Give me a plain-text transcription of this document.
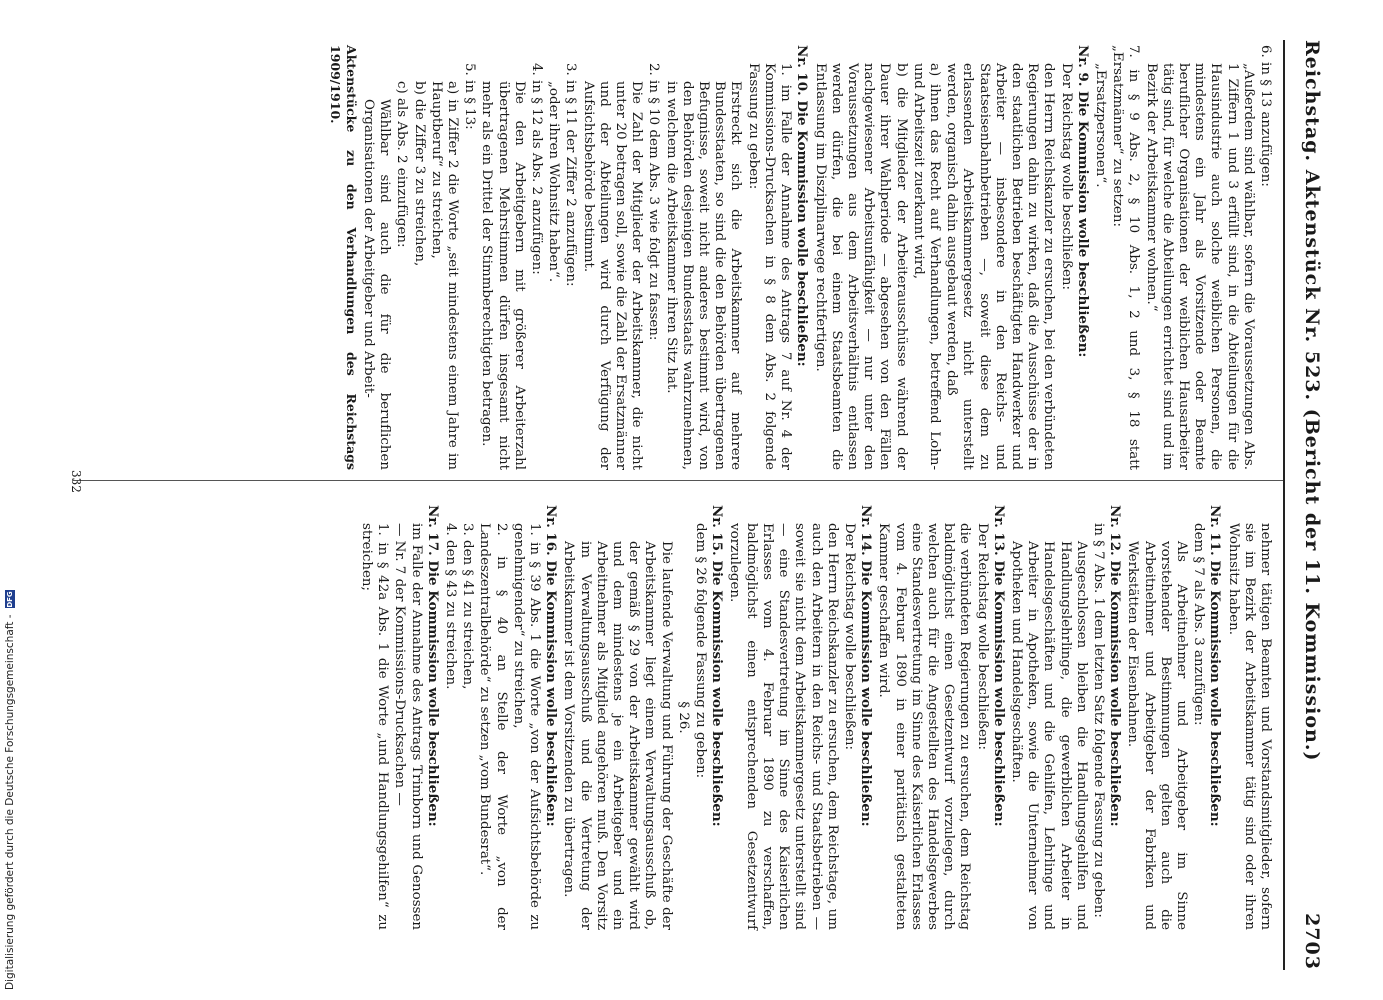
Reichstag. Aktenstück Nr. 523. (Bericht der 11. Kommission.)
2703

6. in § 13 anzufügen:

„Außerdem sind wählbar, sofern die Voraussetzungen Abs. 1 Ziffern 1 und 3 erfüllt sind, in die Abteilungen für die Hausindustrie auch solche weiblichen Personen, die mindestens ein Jahr als Vorsitzende oder Beamte beruflicher Organisationen der weiblichen Hausarbeiter tätig sind, für welche die Abteilungen errichtet sind und im Bezirk der Arbeitskammer wohnen.“

7. in § 9 Abs. 2, § 10 Abs. 1, 2 und 3, § 18 statt „Ersatzmänner“ zu setzen:

„Ersatzpersonen“.

Nr. 9. Die Kommission wolle beschließen:

Der Reichstag wolle beschließen:

den Herrn Reichskanzler zu ersuchen, bei den verbündeten Regierungen dahin zu wirken, daß die Ausschüsse der in den staatlichen Betrieben beschäftigten Handwerker und Arbeiter — insbesondere in den Reichs- und Staatseisenbahnbetrieben —, soweit diese dem zu erlassenden Arbeitskammergesetz nicht unterstellt werden, organisch dahin ausgebaut werden, daß

a) ihnen das Recht auf Verhandlungen, betreffend Lohn- und Arbeitszeit zuerkannt wird,

b) die Mitglieder der Arbeiterausschüsse während der Dauer ihrer Wahlperiode — abgesehen von den Fällen nachgewiesener Arbeitsunfähigkeit — nur unter den Voraussetzungen aus dem Arbeitsverhältnis entlassen werden dürfen, die bei einem Staatsbeamten die Entlassung im Disziplinarwege rechtfertigen.

Nr. 10. Die Kommission wolle beschließen:

1. im Falle der Annahme des Antrags 7 auf Nr. 4 der Kommissions-Drucksachen in § 8 dem Abs. 2 folgende Fassung zu geben:

Erstreckt sich die Arbeitskammer auf mehrere Bundesstaaten, so sind die den Behörden übertragenen Befugnisse, soweit nicht anderes bestimmt wird, von den Behörden desjenigen Bundesstaats wahrzunehmen, in welchem die Arbeitskammer ihren Sitz hat.

2. in § 10 dem Abs. 3 wie folgt zu fassen:

Die Zahl der Mitglieder der Arbeitskammer, die nicht unter 20 betragen soll, sowie die Zahl der Ersatzmänner und der Abteilungen wird durch Verfügung der Aufsichtsbehörde bestimmt.

3. in § 11 der Ziffer 2 anzufügen:

„oder ihren Wohnsitz haben“.

4. in § 12 als Abs. 2 anzufügen:

Die den Arbeitgebern mit größerer Arbeiterzahl übertragenen Mehrstimmen dürfen insgesamt nicht mehr als ein Drittel der Stimmberechtigten betragen.

5. in § 13:

a) in Ziffer 2 die Worte „seit mindestens einem Jahre im Hauptberuf“ zu streichen,

b) die Ziffer 3 zu streichen,

c) als Abs. 2 einzufügen:

Wählbar sind auch die für die beruflichen Organisationen der Arbeitgeber und Arbeit-

Aktenstücke zu den Verhandlungen des Reichstags 1909/1910.

nehmer tätigen Beamten und Vorstandsmitglieder, sofern sie im Bezirk der Arbeitskammer tätig sind oder ihren Wohnsitz haben.

Nr. 11. Die Kommission wolle beschließen:

dem § 7 als Abs. 3 anzufügen:

Als Arbeitnehmer und Arbeitgeber im Sinne vorstehender Bestimmungen gelten auch die Arbeitnehmer und Arbeitgeber der Fabriken und Werkstätten der Eisenbahnen.

Nr. 12. Die Kommission wolle beschließen:

in § 7 Abs. 1 dem letzten Satz folgende Fassung zu geben:

Ausgeschlossen bleiben die Handlungsgehilfen und Handlungslehrlinge, die gewerblichen Arbeiter in Handelsgeschäften und die Gehilfen, Lehrlinge und Arbeiter in Apotheken, sowie die Unternehmer von Apotheken und Handelsgeschäften.

Nr. 13. Die Kommission wolle beschließen:

Der Reichstag wolle beschließen:

die verbündeten Regierungen zu ersuchen, dem Reichstag baldmöglichst einen Gesetzentwurf vorzulegen, durch welchen auch für die Angestellten des Handelsgewerbes eine Standesvertretung im Sinne des Kaiserlichen Erlasses vom 4. Februar 1890 in einer paritätisch gestalteten Kammer geschaffen wird.

Nr. 14. Die Kommission wolle beschließen:

Der Reichstag wolle beschließen:

den Herrn Reichskanzler zu ersuchen, dem Reichstage, um auch den Arbeitern in den Reichs- und Staatsbetrieben — soweit sie nicht dem Arbeitskammergesetz unterstellt sind — eine Standesvertretung im Sinne des Kaiserlichen Erlasses vom 4. Februar 1890 zu verschaffen, baldmöglichst einen entsprechenden Gesetzentwurf vorzulegen.

Nr. 15. Die Kommission wolle beschließen:

dem § 26 folgende Fassung zu geben:

§ 26.

Die laufende Verwaltung und Führung der Geschäfte der Arbeitskammer liegt einem Verwaltungsausschuß ob, der gemäß § 29 von der Arbeitskammer gewählt wird und dem mindestens je ein Arbeitgeber und ein Arbeitnehmer als Mitglied angehören muß. Den Vorsitz im Verwaltungsausschuß und die Vertretung der Arbeitskammer ist dem Vorsitzenden zu übertragen.

Nr. 16. Die Kommission wolle beschließen:

1. in § 39 Abs. 1 die Worte „von der Aufsichtsbehörde zu genehmigender“ zu streichen,

2. in § 40 an Stelle der Worte „von der Landeszentralbehörde“ zu setzen „vom Bundesrat“.

3. den § 41 zu streichen,

4. den § 43 zu streichen.

Nr. 17. Die Kommission wolle beschließen:

im Falle der Annahme des Antrags Trimborn und Genossen — Nr. 7 der Kommissions-Drucksachen —

1. in § 42a Abs. 1 die Worte „und Handlungsgehilfen“ zu streichen;

332
Digitalisierung gefördert durch die Deutsche Forschungsgemeinschaft -
DFG
